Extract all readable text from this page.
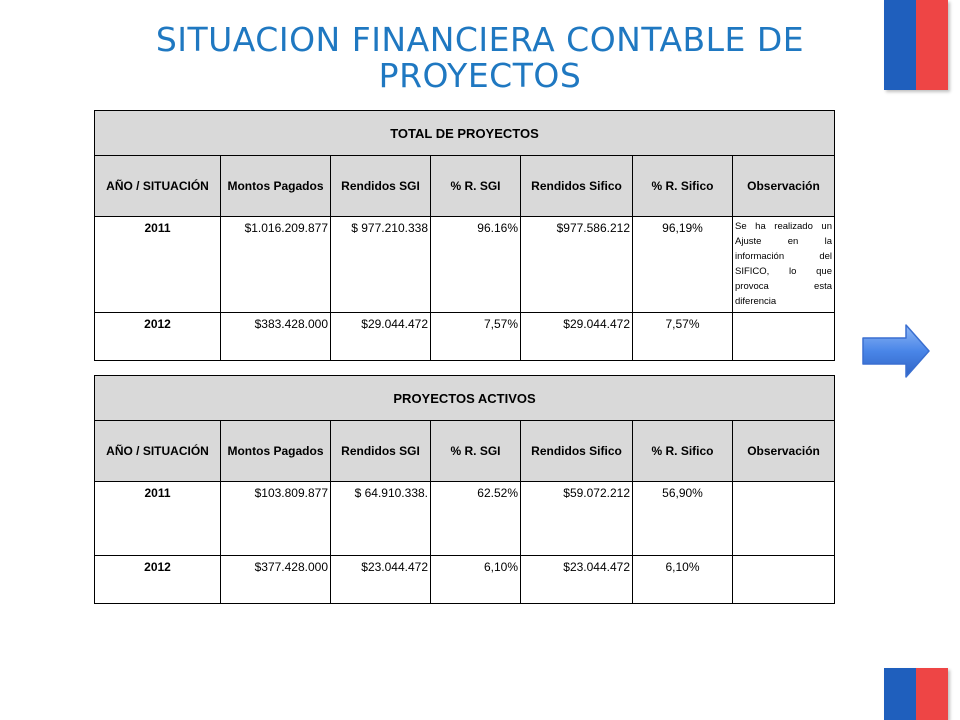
SITUACION FINANCIERA CONTABLE DE PROYECTOS
TOTAL DE PROYECTOS						
AÑO / SITUACIÓN	Montos Pagados	Rendidos SGI	% R. SGI	Rendidos Sifico	% R. Sifico	Observación
2011	$1.016.209.877	$ 977.210.338	96.16%	$977.586.212	96,19%	Se ha realizado un Ajuste en la información del SIFICO, lo que provoca esta diferencia
2012	$383.428.000	$29.044.472	7,57%	$29.044.472	7,57%	
PROYECTOS ACTIVOS						
AÑO / SITUACIÓN	Montos Pagados	Rendidos SGI	% R. SGI	Rendidos Sifico	% R. Sifico	Observación
2011	$103.809.877	$ 64.910.338.	62.52%	$59.072.212	56,90%	
2012	$377.428.000	$23.044.472	6,10%	$23.044.472	6,10%	
